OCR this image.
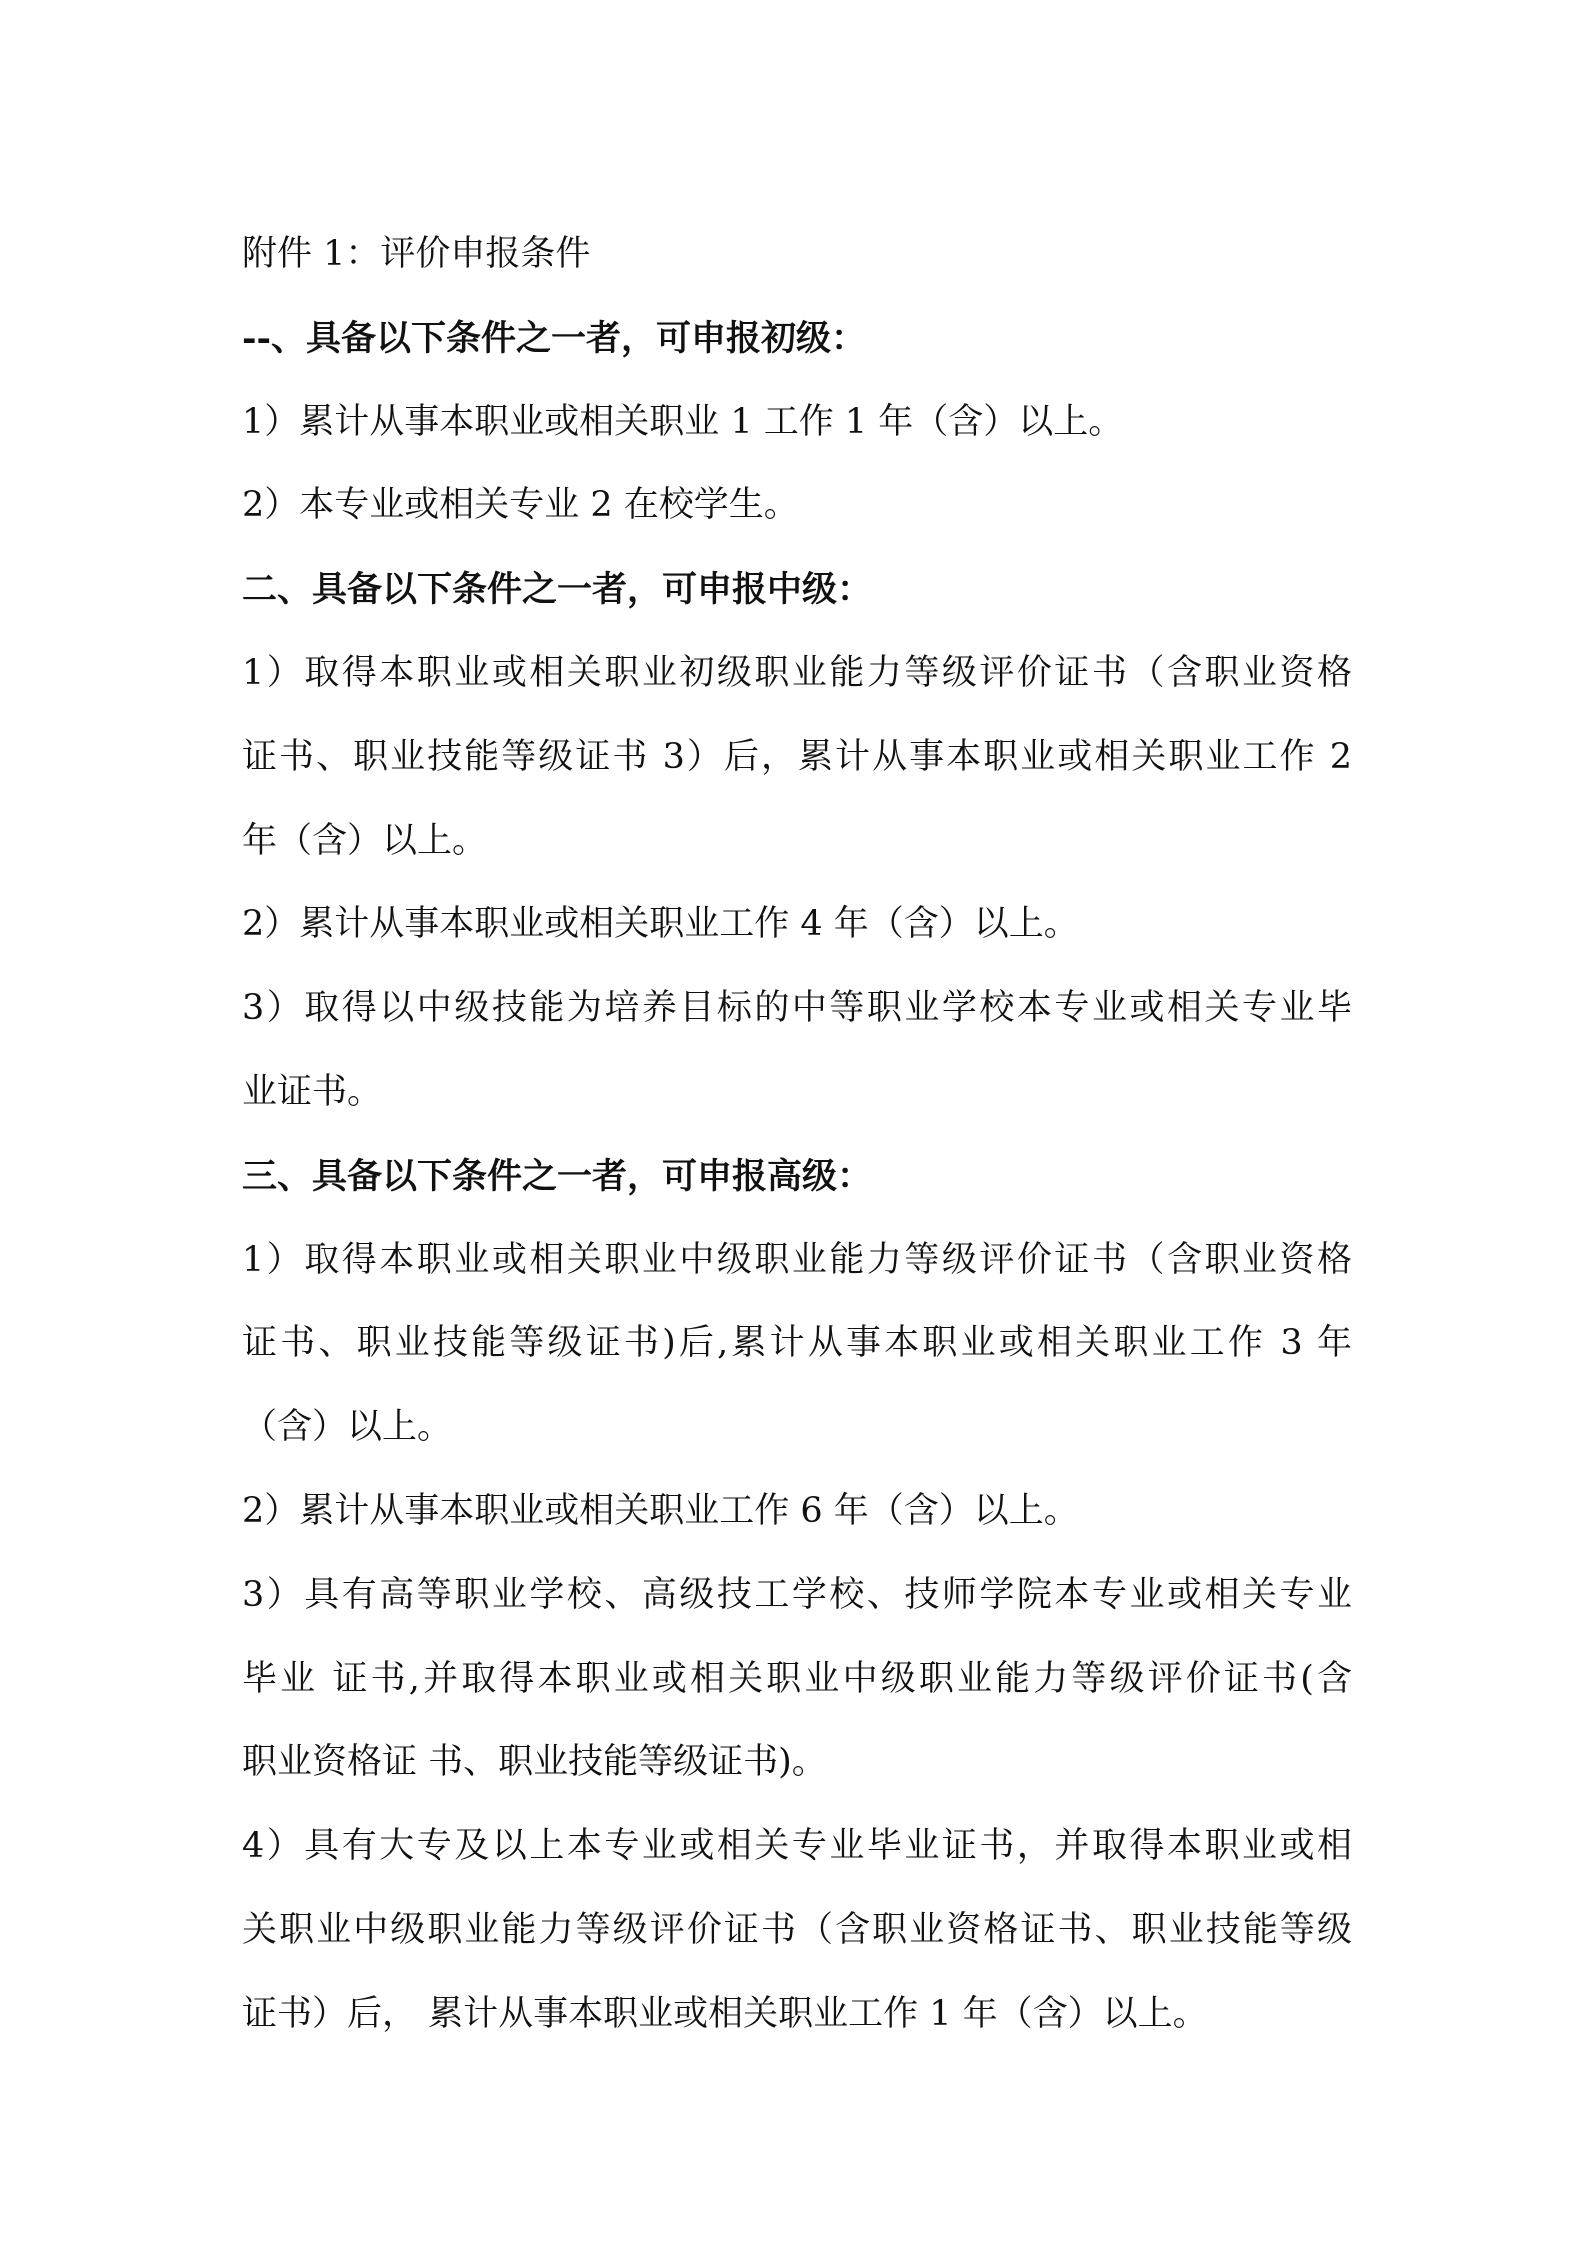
附件 1：评价申报条件
--、具备以下条件之一者，可申报初级：
1）累计从事本职业或相关职业 1 工作 1 年（含）以上。
2）本专业或相关专业 2 在校学生。
二、具备以下条件之一者，可申报中级：
1）取得本职业或相关职业初级职业能力等级评价证书（含职业资格
证书、职业技能等级证书 3）后，累计从事本职业或相关职业工作 2
年（含）以上。
2）累计从事本职业或相关职业工作 4 年（含）以上。
3）取得以中级技能为培养目标的中等职业学校本专业或相关专业毕
业证书。
三、具备以下条件之一者，可申报高级：
1）取得本职业或相关职业中级职业能力等级评价证书（含职业资格
证书、职业技能等级证书)后,累计从事本职业或相关职业工作 3 年
（含）以上。
2）累计从事本职业或相关职业工作 6 年（含）以上。
3）具有高等职业学校、高级技工学校、技师学院本专业或相关专业
毕业 证书,并取得本职业或相关职业中级职业能力等级评价证书(含
职业资格证 书、职业技能等级证书)。
4）具有大专及以上本专业或相关专业毕业证书，并取得本职业或相
关职业中级职业能力等级评价证书（含职业资格证书、职业技能等级
证书）后， 累计从事本职业或相关职业工作 1 年（含）以上。
